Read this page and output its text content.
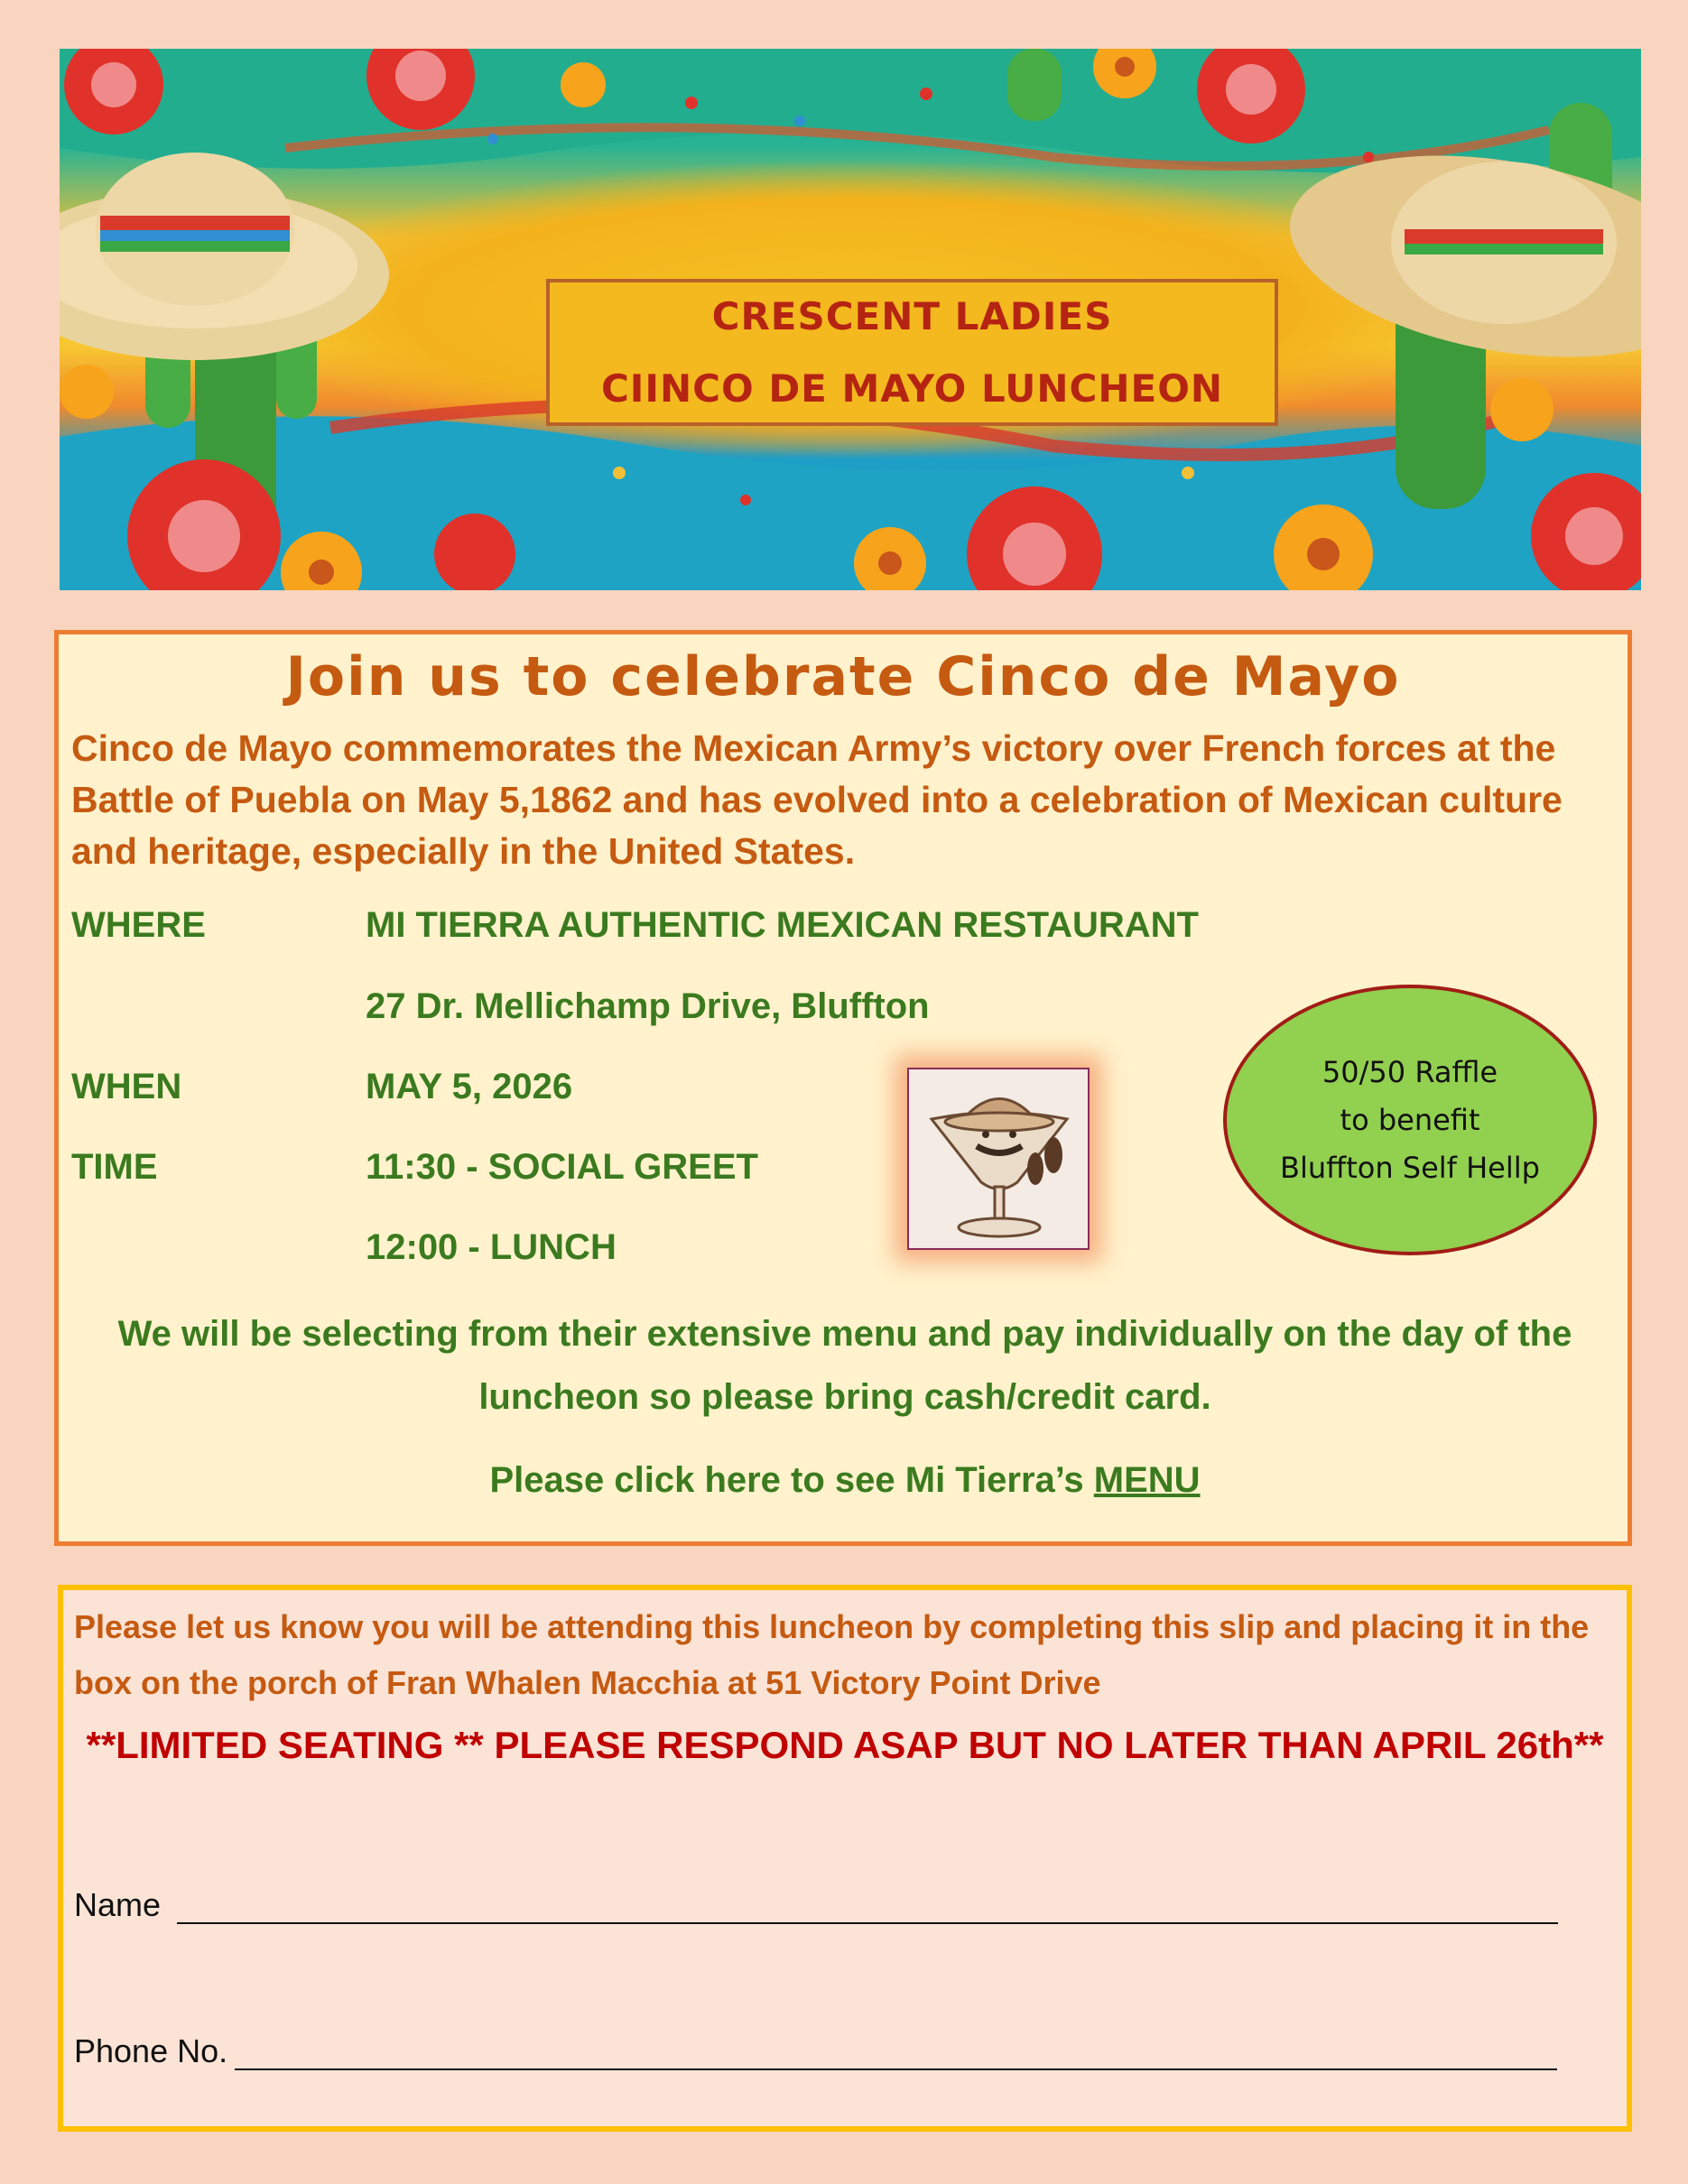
CRESCENT LADIES
CIINCO DE MAYO LUNCHEON
Join us to celebrate Cinco de Mayo
Cinco de Mayo commemorates the Mexican Army’s victory over French forces at the Battle of Puebla on May 5,1862 and has evolved into a celebration of Mexican culture and heritage, especially in the United States.
WHERE	MI TIERRA AUTHENTIC MEXICAN RESTAURANT
27 Dr. Mellichamp Drive, Bluffton
WHEN	MAY 5, 2026
TIME	11:30 - SOCIAL GREET
12:00 - LUNCH
50/50 Raffle
to benefit
Bluffton Self Hellp
We will be selecting from their extensive menu and pay individually on the day of the luncheon so please bring cash/credit card.
Please click here to see Mi Tierra’s MENU
Please let us know you will be attending this luncheon by completing this slip and placing it in the box on the porch of Fran Whalen Macchia at 51 Victory Point Drive
**LIMITED SEATING ** PLEASE RESPOND ASAP BUT NO LATER THAN APRIL 26th**
Name
Phone No.
